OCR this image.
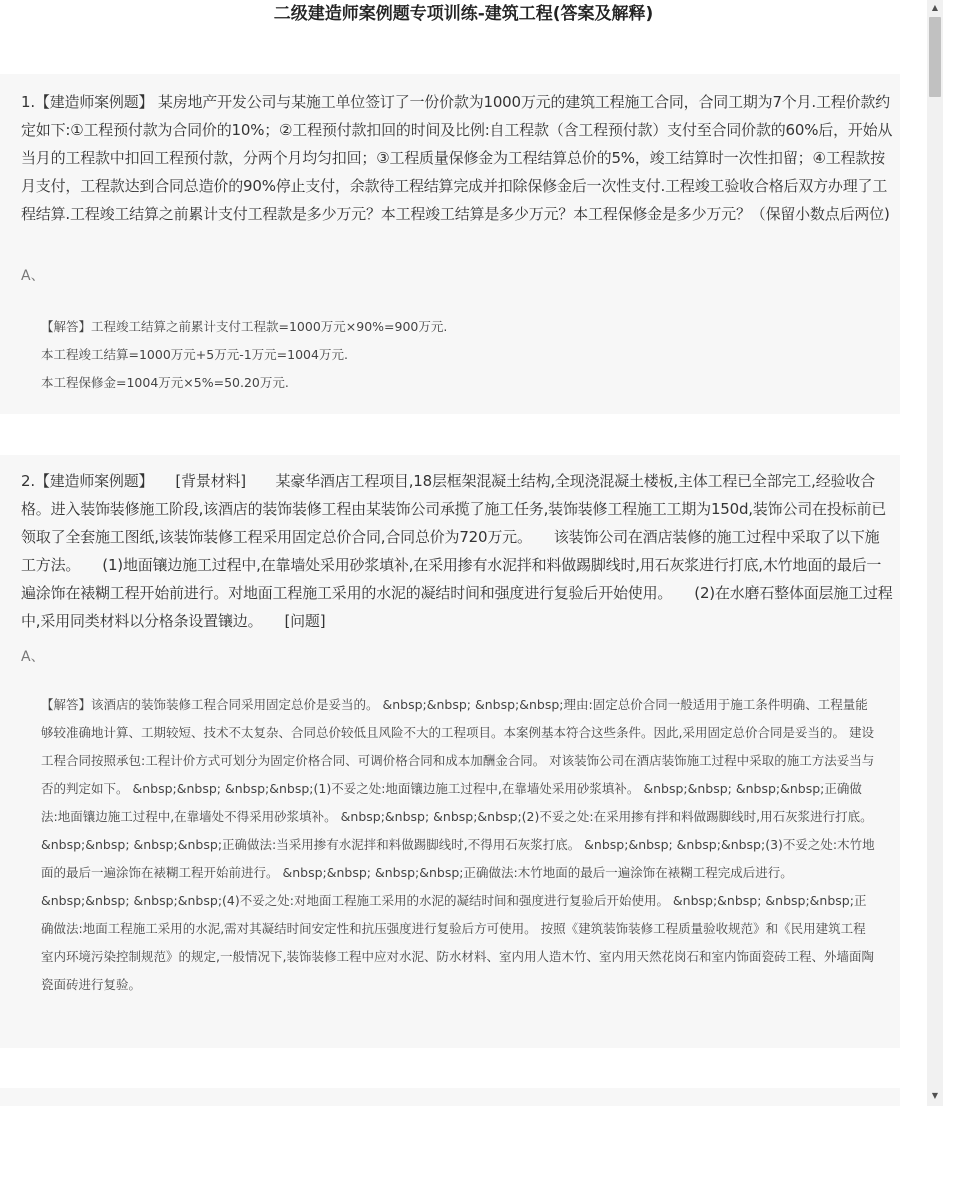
二级建造师案例题专项训练-建筑工程(答案及解释)

1.【建造师案例题】 某房地产开发公司与某施工单位签订了一份价款为1000万元的建筑工程施工合同，合同工期为7个月.工程价款约定如下:①工程预付款为合同价的10%；②工程预付款扣回的时间及比例:自工程款（含工程预付款）支付至合同价款的60%后，开始从当月的工程款中扣回工程预付款，分两个月均匀扣回；③工程质量保修金为工程结算总价的5%，竣工结算时一次性扣留；④工程款按月支付，工程款达到合同总造价的90%停止支付，余款待工程结算完成并扣除保修金后一次性支付.工程竣工验收合格后双方办理了工程结算.工程竣工结算之前累计支付工程款是多少万元？本工程竣工结算是多少万元？本工程保修金是多少万元？（保留小数点后两位)

A、

【解答】工程竣工结算之前累计支付工程款=1000万元×90%=900万元.

本工程竣工结算=1000万元+5万元-1万元=1004万元.

本工程保修金=1004万元×5%=50.20万元.

2.【建造师案例题】　　[背景材料]　　某豪华酒店工程项目,18层框架混凝土结构,全现浇混凝土楼板,主体工程已全部完工,经验收合格。进入装饰装修施工阶段,该酒店的装饰装修工程由某装饰公司承揽了施工任务,装饰装修工程施工工期为150d,装饰公司在投标前已领取了全套施工图纸,该装饰装修工程采用固定总价合同,合同总价为720万元。　　该装饰公司在酒店装修的施工过程中采取了以下施工方法。　　(1)地面镶边施工过程中,在靠墙处采用砂浆填补,在采用掺有水泥拌和料做踢脚线时,用石灰浆进行打底,木竹地面的最后一遍涂饰在裱糊工程开始前进行。对地面工程施工采用的水泥的凝结时间和强度进行复验后开始使用。　　(2)在水磨石整体面层施工过程中,采用同类材料以分格条设置镶边。　　[问题]

A、

【解答】该酒店的装饰装修工程合同采用固定总价是妥当的。 &nbsp;&nbsp; &nbsp;&nbsp;理由:固定总价合同一般适用于施工条件明确、工程量能够较准确地计算、工期较短、技术不太复杂、合同总价较低且风险不大的工程项目。本案例基本符合这些条件。因此,采用固定总价合同是妥当的。 建设工程合同按照承包:工程计价方式可划分为固定价格合同、可调价格合同和成本加酬金合同。 对该装饰公司在酒店装饰施工过程中采取的施工方法妥当与否的判定如下。 &nbsp;&nbsp; &nbsp;&nbsp;(1)不妥之处:地面镶边施工过程中,在靠墙处采用砂浆填补。 &nbsp;&nbsp; &nbsp;&nbsp;正确做法:地面镶边施工过程中,在靠墙处不得采用砂浆填补。 &nbsp;&nbsp; &nbsp;&nbsp;(2)不妥之处:在采用掺有拌和料做踢脚线时,用石灰浆进行打底。 &nbsp;&nbsp; &nbsp;&nbsp;正确做法:当采用掺有水泥拌和料做踢脚线时,不得用石灰浆打底。 &nbsp;&nbsp; &nbsp;&nbsp;(3)不妥之处:木竹地面的最后一遍涂饰在裱糊工程开始前进行。 &nbsp;&nbsp; &nbsp;&nbsp;正确做法:木竹地面的最后一遍涂饰在裱糊工程完成后进行。 &nbsp;&nbsp; &nbsp;&nbsp;(4)不妥之处:对地面工程施工采用的水泥的凝结时间和强度进行复验后开始使用。 &nbsp;&nbsp; &nbsp;&nbsp;正确做法:地面工程施工采用的水泥,需对其凝结时间安定性和抗压强度进行复验后方可使用。 按照《建筑装饰装修工程质量验收规范》和《民用建筑工程室内环境污染控制规范》的规定,一般情况下,装饰装修工程中应对水泥、防水材料、室内用人造木竹、室内用天然花岗石和室内饰面瓷砖工程、外墙面陶瓷面砖进行复验。

▲
▼
